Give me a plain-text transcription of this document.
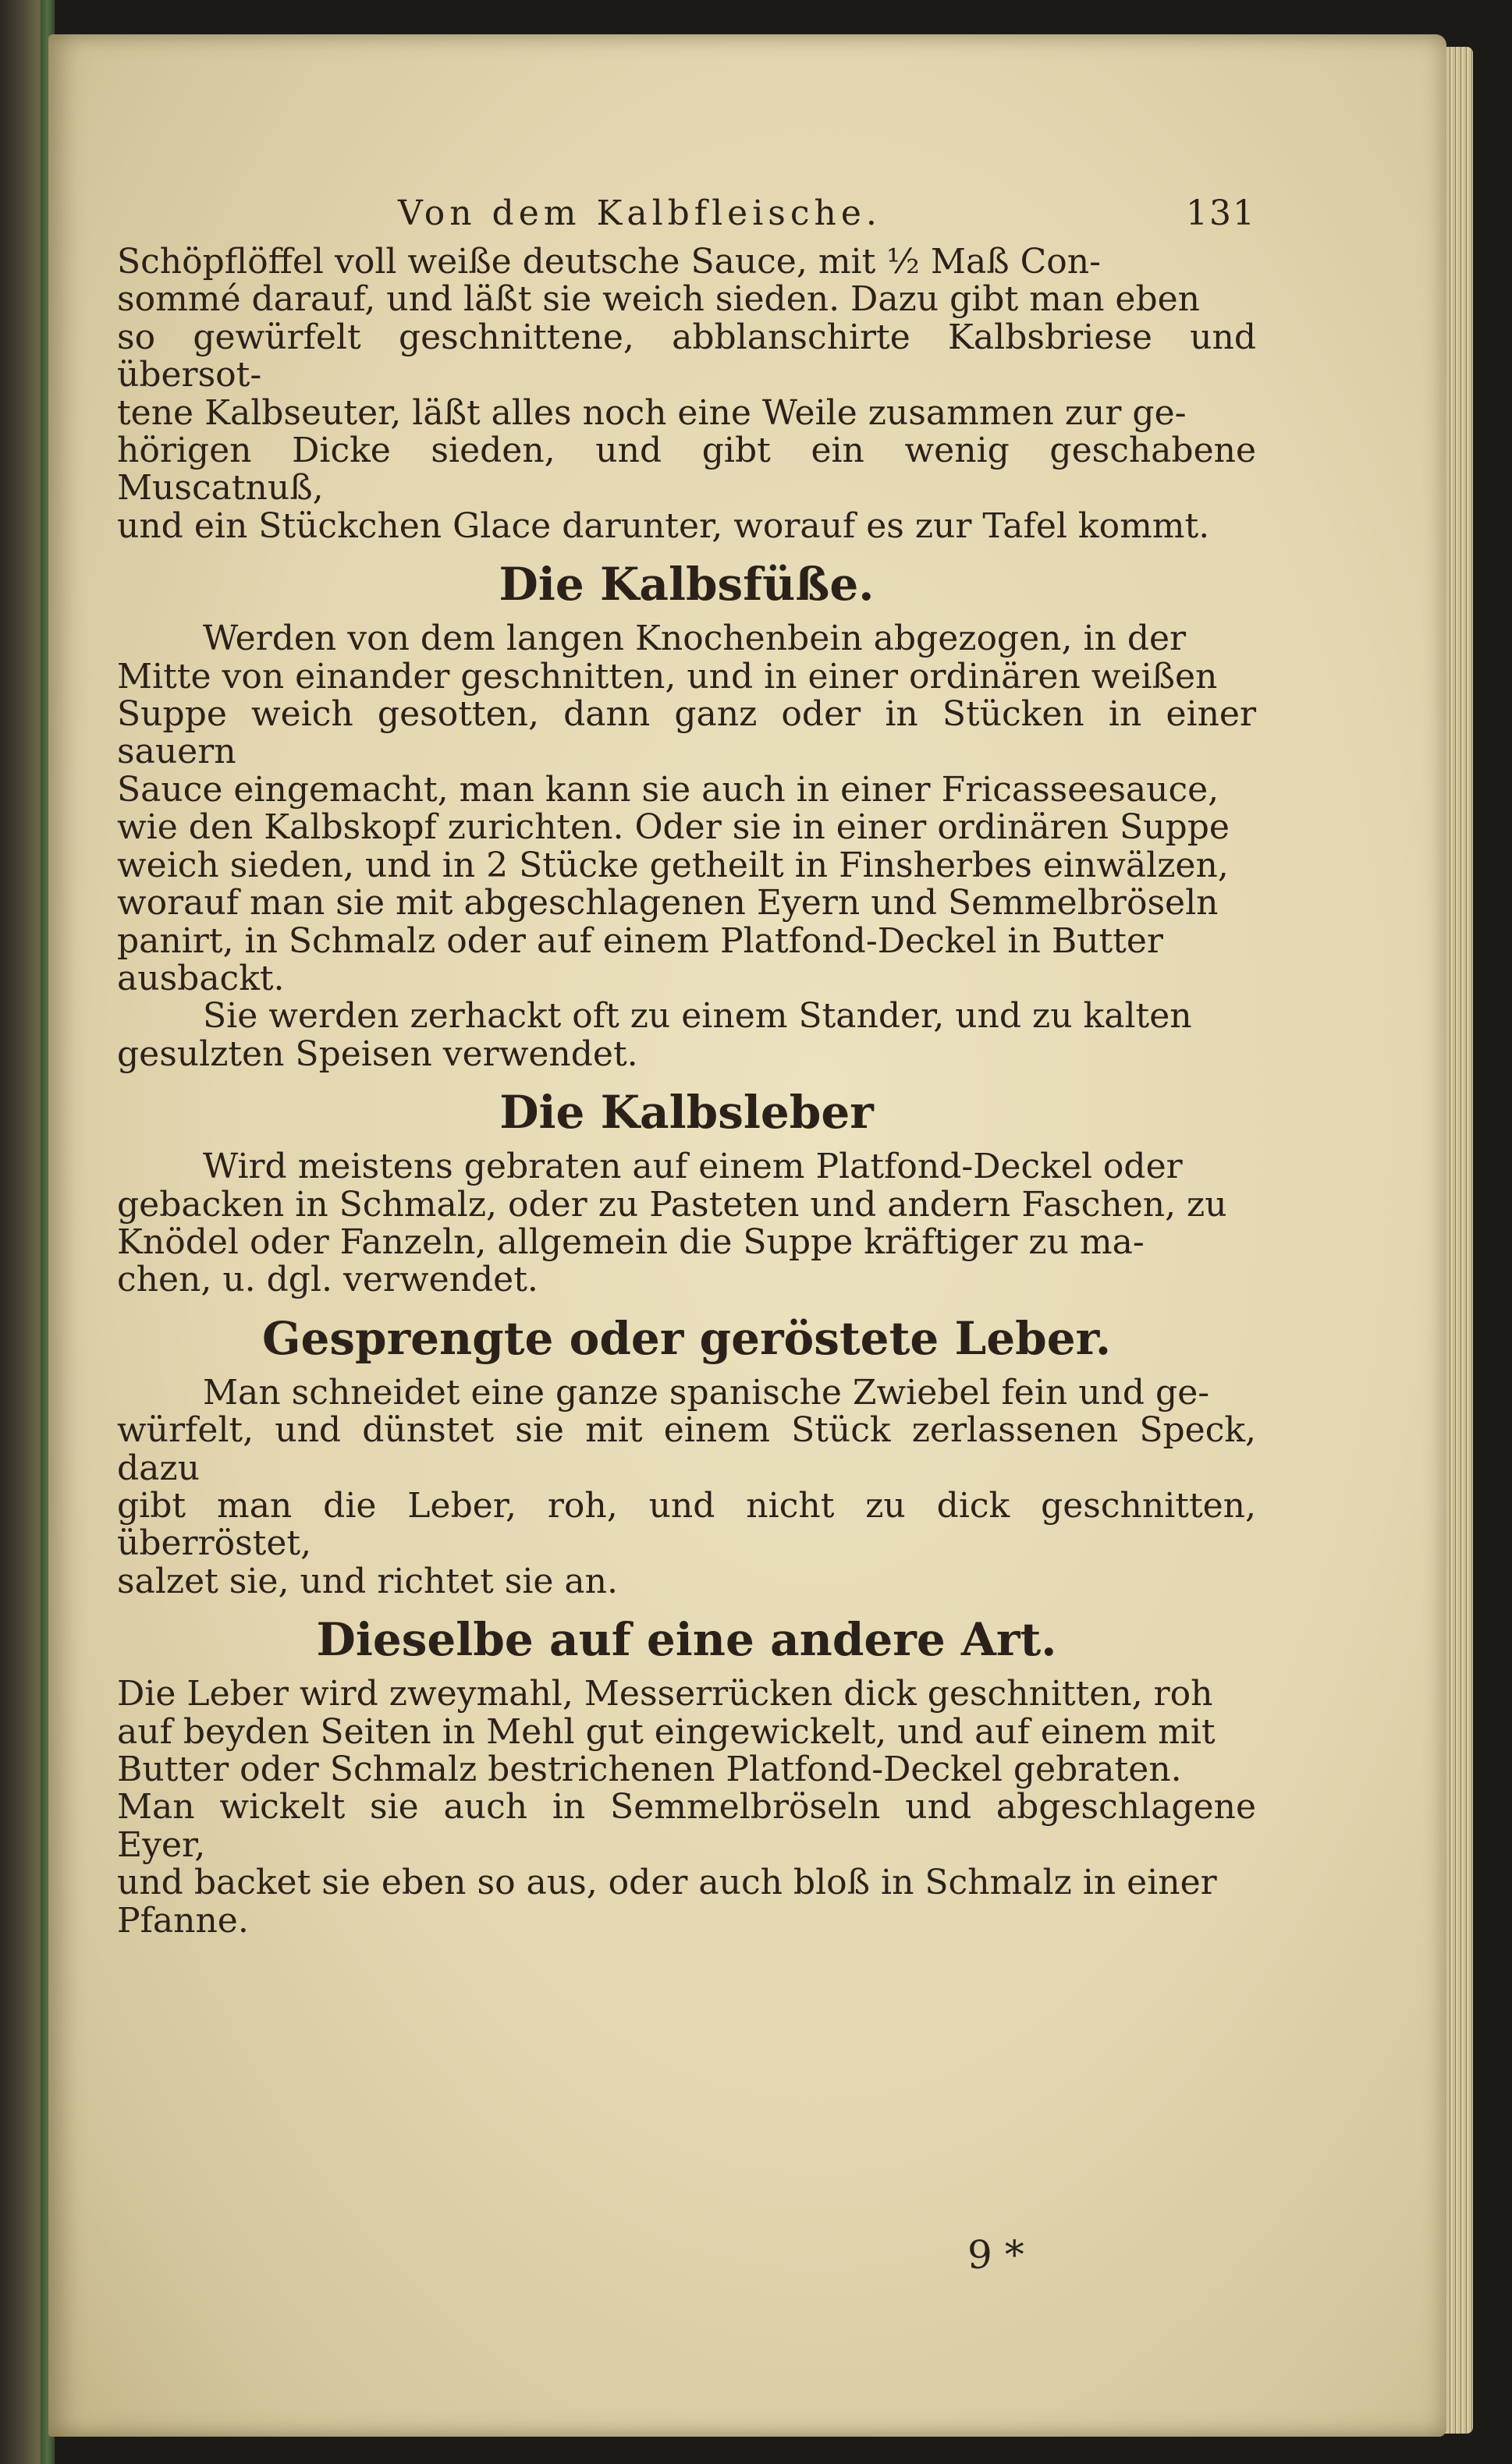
Von dem Kalbfleische.	131

Schöpflöffel voll weiße deutsche Sauce, mit ½ Maß Con-
sommé darauf, und läßt sie weich sieden. Dazu gibt man eben
so gewürfelt geschnittene, abblanschirte Kalbsbriese und übersot-
tene Kalbseuter, läßt alles noch eine Weile zusammen zur ge-
hörigen Dicke sieden, und gibt ein wenig geschabene Muscatnuß,
und ein Stückchen Glace darunter, worauf es zur Tafel kommt.

Die Kalbsfüße.

Werden von dem langen Knochenbein abgezogen, in der
Mitte von einander geschnitten, und in einer ordinären weißen
Suppe weich gesotten, dann ganz oder in Stücken in einer sauern
Sauce eingemacht, man kann sie auch in einer Fricasseesauce,
wie den Kalbskopf zurichten. Oder sie in einer ordinären Suppe
weich sieden, und in 2 Stücke getheilt in Finsherbes einwälzen,
worauf man sie mit abgeschlagenen Eyern und Semmelbröseln
panirt, in Schmalz oder auf einem Platfond-Deckel in Butter
ausbackt.

Sie werden zerhackt oft zu einem Stander, und zu kalten
gesulzten Speisen verwendet.

Die Kalbsleber

Wird meistens gebraten auf einem Platfond-Deckel oder
gebacken in Schmalz, oder zu Pasteten und andern Faschen, zu
Knödel oder Fanzeln, allgemein die Suppe kräftiger zu ma-
chen, u. dgl. verwendet.

Gesprengte oder geröstete Leber.

Man schneidet eine ganze spanische Zwiebel fein und ge-
würfelt, und dünstet sie mit einem Stück zerlassenen Speck, dazu
gibt man die Leber, roh, und nicht zu dick geschnitten, überröstet,
salzet sie, und richtet sie an.

Dieselbe auf eine andere Art.

Die Leber wird zweymahl, Messerrücken dick geschnitten, roh
auf beyden Seiten in Mehl gut eingewickelt, und auf einem mit
Butter oder Schmalz bestrichenen Platfond-Deckel gebraten.
Man wickelt sie auch in Semmelbröseln und abgeschlagene Eyer,
und backet sie eben so aus, oder auch bloß in Schmalz in einer
Pfanne.

9 *
